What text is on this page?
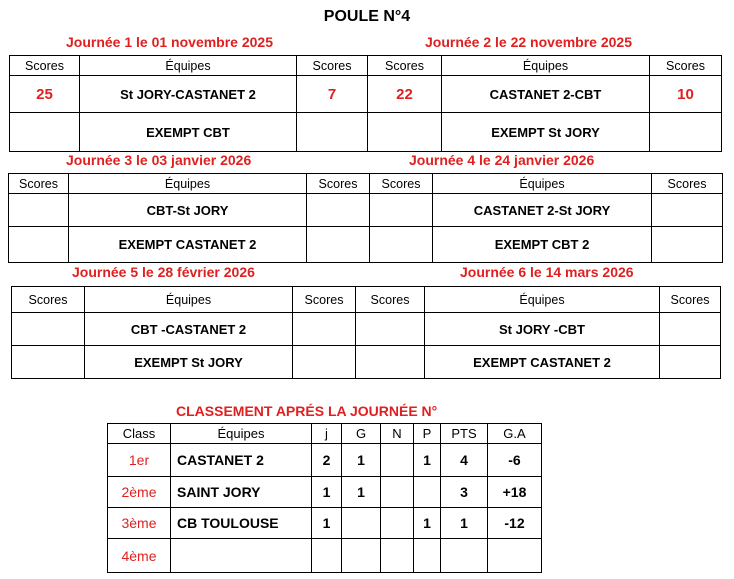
POULE N°4
Journée 1 le 01 novembre 2025
Scores	Équipes	Scores
25	St JORY-CASTANET 2	7
	EXEMPT CBT	
Journée 2 le 22 novembre 2025
Scores	Équipes	Scores
22	CASTANET 2-CBT	10
	EXEMPT St JORY	
Journée 3 le 03 janvier 2026
Scores	Équipes	Scores
	CBT-St JORY	
	EXEMPT CASTANET 2	
Journée 4 le 24 janvier 2026
Scores	Équipes	Scores
	CASTANET 2-St JORY	
	EXEMPT CBT 2	
Journée 5 le 28 février 2026
Scores	Équipes	Scores
	CBT -CASTANET 2	
	EXEMPT St JORY	
Journée 6 le 14 mars 2026
Scores	Équipes	Scores
	St JORY -CBT	
	EXEMPT CASTANET 2	
CLASSEMENT APRÉS LA JOURNÉE N°
Class	Équipes	j	G	N	P	PTS	G.A
1er	CASTANET 2	2	1		1	4	-6
2ème	SAINT JORY	1	1			3	+18
3ème	CB TOULOUSE	1			1	1	-12
4ème							
